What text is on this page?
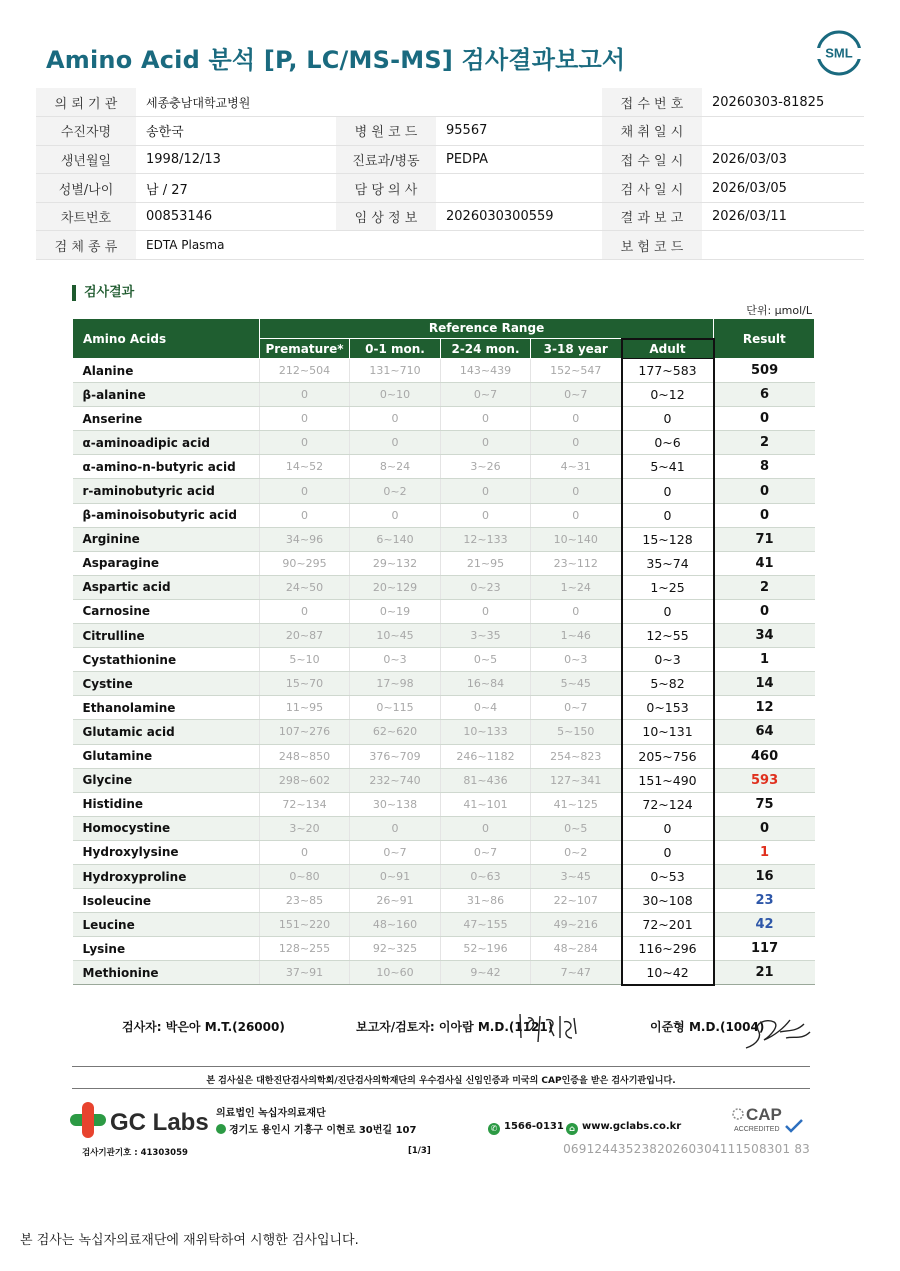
Amino Acid 분석 [P, LC/MS-MS] 검사결과보고서	SML
의 뢰 기 관	세종충남대학교병원			접 수 번 호	20260303-81825
수진자명	송한국	병 원 코 드	95567	채 취 일 시	
생년월일	1998/12/13	진료과/병동	PEDPA	접 수 일 시	2026/03/03
성별/나이	남 / 27	담 당 의 사		검 사 일 시	2026/03/05
차트번호	00853146	임 상 정 보	2026030300559	결 과 보 고	2026/03/11
검 체 종 류	EDTA Plasma			보 험 코 드	
검사결과
단위: µmol/L
Amino Acids	Reference Range					Result
	Premature*	0-1 mon.	2-24 mon.	3-18 year	Adult	
Alanine	212~504	131~710	143~439	152~547	177~583	509
β-alanine	0	0~10	0~7	0~7	0~12	6
Anserine	0	0	0	0	0	0
α-aminoadipic acid	0	0	0	0	0~6	2
α-amino-n-butyric acid	14~52	8~24	3~26	4~31	5~41	8
r-aminobutyric acid	0	0~2	0	0	0	0
β-aminoisobutyric acid	0	0	0	0	0	0
Arginine	34~96	6~140	12~133	10~140	15~128	71
Asparagine	90~295	29~132	21~95	23~112	35~74	41
Aspartic acid	24~50	20~129	0~23	1~24	1~25	2
Carnosine	0	0~19	0	0	0	0
Citrulline	20~87	10~45	3~35	1~46	12~55	34
Cystathionine	5~10	0~3	0~5	0~3	0~3	1
Cystine	15~70	17~98	16~84	5~45	5~82	14
Ethanolamine	11~95	0~115	0~4	0~7	0~153	12
Glutamic acid	107~276	62~620	10~133	5~150	10~131	64
Glutamine	248~850	376~709	246~1182	254~823	205~756	460
Glycine	298~602	232~740	81~436	127~341	151~490	593
Histidine	72~134	30~138	41~101	41~125	72~124	75
Homocystine	3~20	0	0	0~5	0	0
Hydroxylysine	0	0~7	0~7	0~2	0	1
Hydroxyproline	0~80	0~91	0~63	3~45	0~53	16
Isoleucine	23~85	26~91	31~86	22~107	30~108	23
Leucine	151~220	48~160	47~155	49~216	72~201	42
Lysine	128~255	92~325	52~196	48~284	116~296	117
Methionine	37~91	10~60	9~42	7~47	10~42	21
검사자: 박은아 M.T.(26000)	보고자/검토자: 이아람 M.D.(1121)	이준형 M.D.(1004)
본 검사실은 대한진단검사의학회/진단검사의학재단의 우수검사실 신임인증과 미국의 CAP인증을 받은 검사기관입니다.
GC Labs 의료법인 녹십자의료재단
경기도 용인시 기흥구 이현로 30번길 107	✆ 1566-0131 ⌂ www.gclabs.co.kr
CAP
ACCREDITED
검사기관기호 : 41303059	[1/3]	06912443523820260304111508301 83
본 검사는 녹십자의료재단에 재위탁하여 시행한 검사입니다.
